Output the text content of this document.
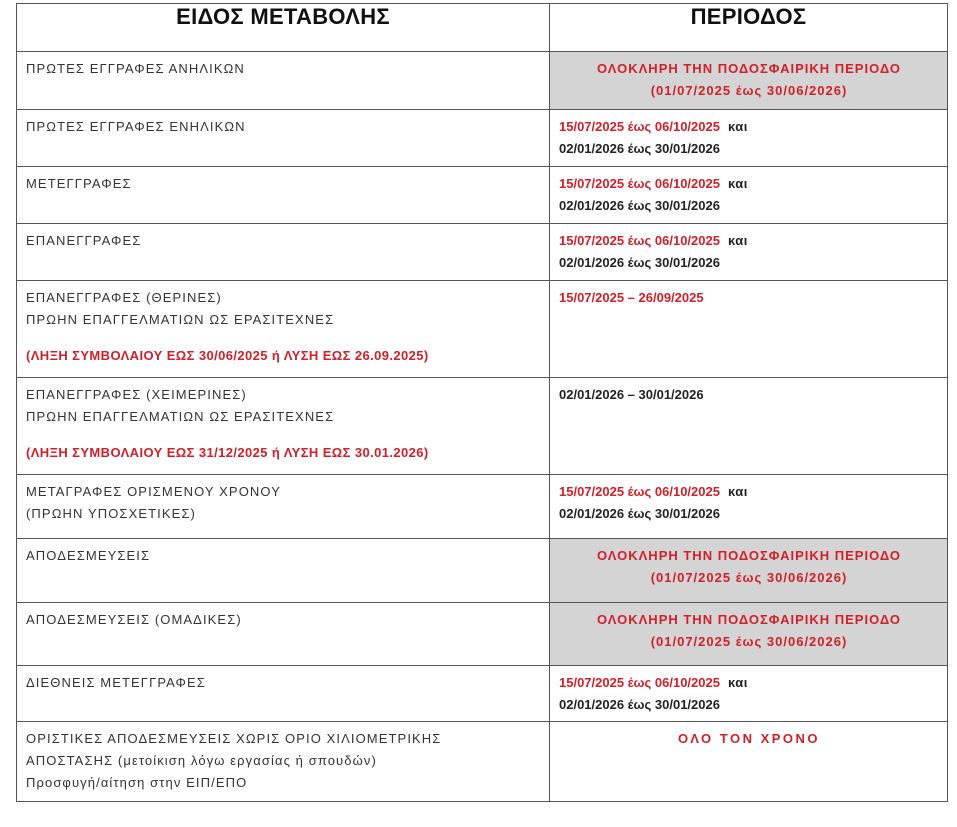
ΕΙΔΟΣ ΜΕΤΑΒΟΛΗΣ	ΠΕΡΙΟΔΟΣ

ΠΡΩΤΕΣ ΕΓΓΡΑΦΕΣ ΑΝΗΛΙΚΩΝ	ΟΛΟΚΛΗΡΗ ΤΗΝ ΠΟΔΟΣΦΑΙΡΙΚΗ ΠΕΡΙΟΔΟ
(01/07/2025 έως 30/06/2026)

ΠΡΩΤΕΣ ΕΓΓΡΑΦΕΣ ΕΝΗΛΙΚΩΝ	15/07/2025 έως 06/10/2025 και
02/01/2026 έως 30/01/2026

ΜΕΤΕΓΓΡΑΦΕΣ	15/07/2025 έως 06/10/2025 και
02/01/2026 έως 30/01/2026

ΕΠΑΝΕΓΓΡΑΦΕΣ	15/07/2025 έως 06/10/2025 και
02/01/2026 έως 30/01/2026

ΕΠΑΝΕΓΓΡΑΦΕΣ (ΘΕΡΙΝΕΣ)
ΠΡΩΗΝ ΕΠΑΓΓΕΛΜΑΤΙΩΝ ΩΣ ΕΡΑΣΙΤΕΧΝΕΣ
(ΛΗΞΗ ΣΥΜΒΟΛΑΙΟΥ ΕΩΣ 30/06/2025 ή ΛΥΣΗ ΕΩΣ 26.09.2025)	15/07/2025 – 26/09/2025

ΕΠΑΝΕΓΓΡΑΦΕΣ (ΧΕΙΜΕΡΙΝΕΣ)
ΠΡΩΗΝ ΕΠΑΓΓΕΛΜΑΤΙΩΝ ΩΣ ΕΡΑΣΙΤΕΧΝΕΣ
(ΛΗΞΗ ΣΥΜΒΟΛΑΙΟΥ ΕΩΣ 31/12/2025 ή ΛΥΣΗ ΕΩΣ 30.01.2026)	02/01/2026 – 30/01/2026

ΜΕΤΑΓΡΑΦΕΣ ΟΡΙΣΜΕΝΟΥ ΧΡΟΝΟΥ
(ΠΡΩΗΝ ΥΠΟΣΧΕΤΙΚΕΣ)	15/07/2025 έως 06/10/2025 και
02/01/2026 έως 30/01/2026

ΑΠΟΔΕΣΜΕΥΣΕΙΣ	ΟΛΟΚΛΗΡΗ ΤΗΝ ΠΟΔΟΣΦΑΙΡΙΚΗ ΠΕΡΙΟΔΟ
(01/07/2025 έως 30/06/2026)

ΑΠΟΔΕΣΜΕΥΣΕΙΣ (ΟΜΑΔΙΚΕΣ)	ΟΛΟΚΛΗΡΗ ΤΗΝ ΠΟΔΟΣΦΑΙΡΙΚΗ ΠΕΡΙΟΔΟ
(01/07/2025 έως 30/06/2026)

ΔΙΕΘΝΕΙΣ ΜΕΤΕΓΓΡΑΦΕΣ	15/07/2025 έως 06/10/2025 και
02/01/2026 έως 30/01/2026

ΟΡΙΣΤΙΚΕΣ ΑΠΟΔΕΣΜΕΥΣΕΙΣ ΧΩΡΙΣ ΟΡΙΟ ΧΙΛΙΟΜΕΤΡΙΚΗΣ
ΑΠΟΣΤΑΣΗΣ (μετοίκιση λόγω εργασίας ή σπουδών)
Προσφυγή/αίτηση στην ΕΙΠ/ΕΠΟ	ΟΛΟ ΤΟΝ ΧΡΟΝΟ
